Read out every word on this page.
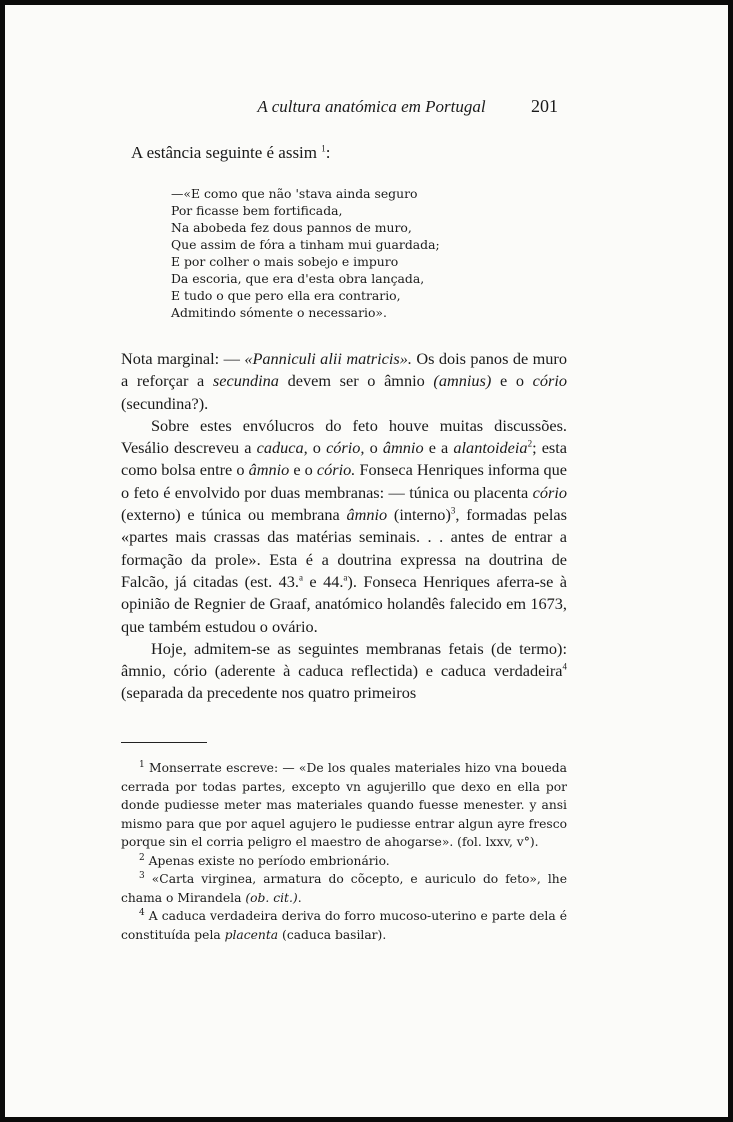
A cultura anatómica em Portugal	201
A estância seguinte é assim $^1$:
—«E como que não 'stava ainda seguro
Por ficasse bem fortificada,
Na abobeda fez dous pannos de muro,
Que assim de fóra a tinham mui guardada;
E por colher o mais sobejo e impuro
Da escoria, que era d'esta obra lançada,
E tudo o que pero ella era contrario,
Admitindo sómente o necessario».

Nota marginal: — «Panniculi alii matricis». Os dois panos de muro a reforçar a secundina devem ser o âmnio (amnius) e o cório (secundina?).

Sobre estes envólucros do feto houve muitas discussões. Vesálio descreveu a caduca, o cório, o âmnio e a alantoideia$^2$; esta como bolsa entre o âmnio e o cório. Fonseca Henriques informa que o feto é envolvido por duas membranas: — túnica ou placenta cório (externo) e túnica ou membrana âmnio (interno)$^3$, formadas pelas «partes mais crassas das matérias seminais. . . antes de entrar a formação da prole». Esta é a doutrina expressa na doutrina de Falcão, já citadas (est. 43.$^a$ e 44.$^a$). Fonseca Henriques aferra-se à opinião de Regnier de Graaf, anatómico holandês falecido em 1673, que também estudou o ovário.

Hoje, admitem-se as seguintes membranas fetais (de termo): âmnio, cório (aderente à caduca reflectida) e caduca verdadeira$^4$ (separada da precedente nos quatro primeiros

$^1$ Monserrate escreve: — «De los quales materiales hizo vna boueda cerrada por todas partes, excepto vn agujerillo que dexo en ella por donde pudiesse meter mas materiales quando fuesse menester. y ansi mismo para que por aquel agujero le pudiesse entrar algun ayre fresco porque sin el corria peligro el maestro de ahogarse». (fol. lxxv, v°).

$^2$ Apenas existe no período embrionário.

$^3$ «Carta virginea, armatura do cõcepto, e auriculo do feto», lhe chama o Mirandela (ob. cit.).

$^4$ A caduca verdadeira deriva do forro mucoso-uterino e parte dela é constituída pela placenta (caduca basilar).
